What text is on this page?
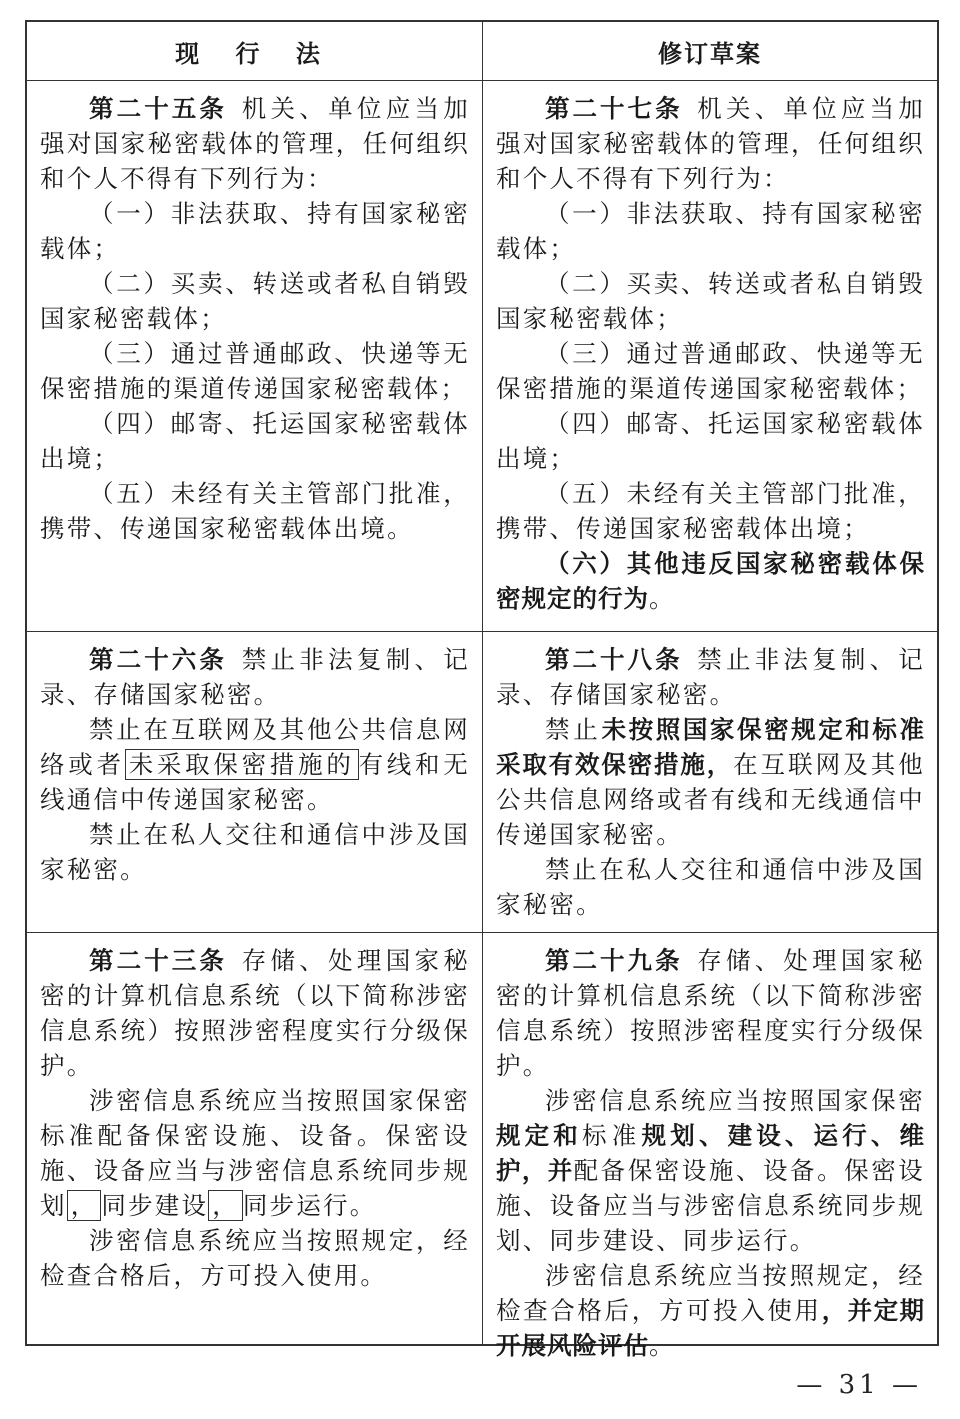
现 行 法	修订草案

第二十五条 机关、单位应当加强对国家秘密载体的管理，任何组织和个人不得有下列行为：

（一）非法获取、持有国家秘密载体；

（二）买卖、转送或者私自销毁国家秘密载体；

（三）通过普通邮政、快递等无保密措施的渠道传递国家秘密载体；

（四）邮寄、托运国家秘密载体出境；

（五）未经有关主管部门批准，携带、传递国家秘密载体出境。

第二十七条 机关、单位应当加强对国家秘密载体的管理，任何组织和个人不得有下列行为：

（一）非法获取、持有国家秘密载体；

（二）买卖、转送或者私自销毁国家秘密载体；

（三）通过普通邮政、快递等无保密措施的渠道传递国家秘密载体；

（四）邮寄、托运国家秘密载体出境；

（五）未经有关主管部门批准，携带、传递国家秘密载体出境；

（六）其他违反国家秘密载体保密规定的行为。

第二十六条 禁止非法复制、记录、存储国家秘密。

禁止在互联网及其他公共信息网络或者 未采取保密措施的 有线和无线通信中传递国家秘密。

禁止在私人交往和通信中涉及国家秘密。

第二十八条 禁止非法复制、记录、存储国家秘密。

禁止未按照国家保密规定和标准采取有效保密措施，在互联网及其他公共信息网络或者有线和无线通信中传递国家秘密。

禁止在私人交往和通信中涉及国家秘密。

第二十三条 存储、处理国家秘密的计算机信息系统（以下简称涉密信息系统）按照涉密程度实行分级保护。

涉密信息系统应当按照国家保密标准配备保密设施、设备。保密设施、设备应当与涉密信息系统同步规划 ， 同步建设 ， 同步运行。

涉密信息系统应当按照规定，经检查合格后，方可投入使用。

第二十九条 存储、处理国家秘密的计算机信息系统（以下简称涉密信息系统）按照涉密程度实行分级保护。

涉密信息系统应当按照国家保密规定和标准规划、建设、运行、维护，并配备保密设施、设备。保密设施、设备应当与涉密信息系统同步规划、同步建设、同步运行。

涉密信息系统应当按照规定，经检查合格后，方可投入使用，并定期开展风险评估。

— 31 —
